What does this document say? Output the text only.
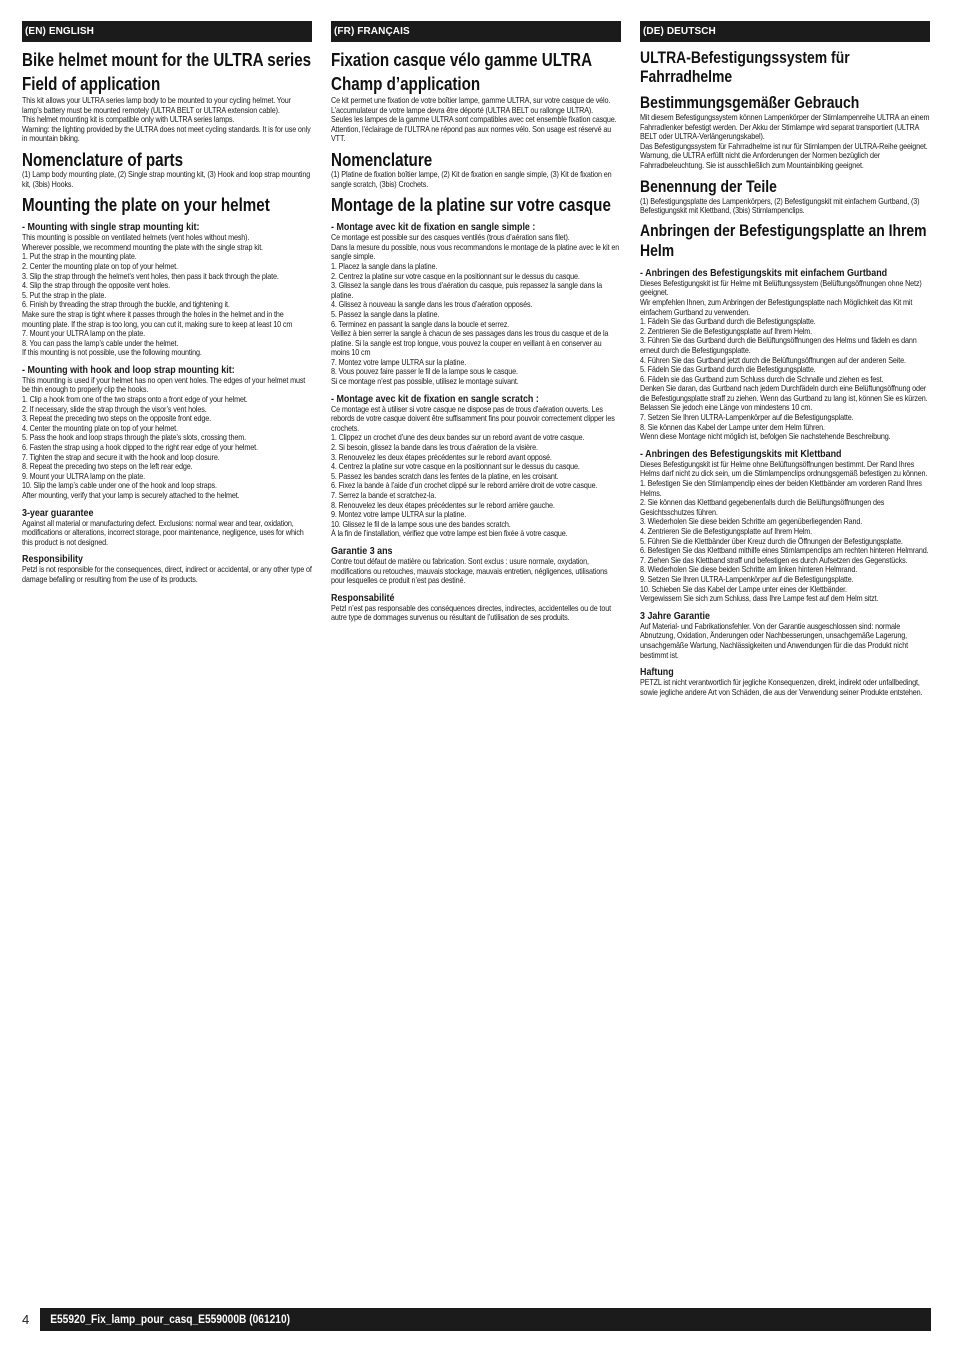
(EN) ENGLISH
Bike helmet mount for the ULTRA series
Field of application

This kit allows your ULTRA series lamp body to be mounted to your cycling helmet. Your lamp’s battery must be mounted remotely (ULTRA BELT or ULTRA extension cable).
This helmet mounting kit is compatible only with ULTRA series lamps.
Warning: the lighting provided by the ULTRA does not meet cycling standards. It is for use only in mountain biking.

Nomenclature of parts

(1) Lamp body mounting plate, (2) Single strap mounting kit, (3) Hook and loop strap mounting kit, (3bis) Hooks.

Mounting the plate on your helmet
- Mounting with single strap mounting kit:

This mounting is possible on ventilated helmets (vent holes without mesh).
Wherever possible, we recommend mounting the plate with the single strap kit.
1. Put the strap in the mounting plate.
2. Center the mounting plate on top of your helmet.
3. Slip the strap through the helmet’s vent holes, then pass it back through the plate.
4. Slip the strap through the opposite vent holes.
5. Put the strap in the plate.
6. Finish by threading the strap through the buckle, and tightening it.
Make sure the strap is tight where it passes through the holes in the helmet and in the mounting plate. If the strap is too long, you can cut it, making sure to keep at least 10 cm
7. Mount your ULTRA lamp on the plate.
8. You can pass the lamp’s cable under the helmet.
If this mounting is not possible, use the following mounting.

- Mounting with hook and loop strap mounting kit:

This mounting is used if your helmet has no open vent holes. The edges of your helmet must be thin enough to properly clip the hooks.
1. Clip a hook from one of the two straps onto a front edge of your helmet.
2. If necessary, slide the strap through the visor’s vent holes.
3. Repeat the preceding two steps on the opposite front edge.
4. Center the mounting plate on top of your helmet.
5. Pass the hook and loop straps through the plate’s slots, crossing them.
6. Fasten the strap using a hook clipped to the right rear edge of your helmet.
7. Tighten the strap and secure it with the hook and loop closure.
8. Repeat the preceding two steps on the left rear edge.
9. Mount your ULTRA lamp on the plate.
10. Slip the lamp’s cable under one of the hook and loop straps.
After mounting, verify that your lamp is securely attached to the helmet.

3-year guarantee

Against all material or manufacturing defect. Exclusions: normal wear and tear, oxidation, modifications or alterations, incorrect storage, poor maintenance, negligence, uses for which this product is not designed.

Responsibility

Petzl is not responsible for the consequences, direct, indirect or accidental, or any other type of damage befalling or resulting from the use of its products.

(FR) FRANÇAIS
Fixation casque vélo gamme ULTRA
Champ d’application

Ce kit permet une fixation de votre boîtier lampe, gamme ULTRA, sur votre casque de vélo. L’accumulateur de votre lampe devra être déporté (ULTRA BELT ou rallonge ULTRA).
Seules les lampes de la gamme ULTRA sont compatibles avec cet ensemble fixation casque.
Attention, l’éclairage de l’ULTRA ne répond pas aux normes vélo. Son usage est réservé au VTT.

Nomenclature

(1) Platine de fixation boîtier lampe, (2) Kit de fixation en sangle simple, (3) Kit de fixation en sangle scratch, (3bis) Crochets.

Montage de la platine sur votre casque
- Montage avec kit de fixation en sangle simple :

Ce montage est possible sur des casques ventilés (trous d’aération sans filet).
Dans la mesure du possible, nous vous recommandons le montage de la platine avec le kit en sangle simple.
1. Placez la sangle dans la platine.
2. Centrez la platine sur votre casque en la positionnant sur le dessus du casque.
3. Glissez la sangle dans les trous d’aération du casque, puis repassez la sangle dans la platine.
4. Glissez à nouveau la sangle dans les trous d’aération opposés.
5. Passez la sangle dans la platine.
6. Terminez en passant la sangle dans la boucle et serrez.
Veillez à bien serrer la sangle à chacun de ses passages dans les trous du casque et de la platine. Si la sangle est trop longue, vous pouvez la couper en veillant à en conserver au moins 10 cm
7. Montez votre lampe ULTRA sur la platine.
8. Vous pouvez faire passer le fil de la lampe sous le casque.
Si ce montage n’est pas possible, utilisez le montage suivant.

- Montage avec kit de fixation en sangle scratch :

Ce montage est à utiliser si votre casque ne dispose pas de trous d’aération ouverts. Les rebords de votre casque doivent être suffisamment fins pour pouvoir correctement clipper les crochets.
1. Clippez un crochet d’une des deux bandes sur un rebord avant de votre casque.
2. Si besoin, glissez la bande dans les trous d’aération de la visière.
3. Renouvelez les deux étapes précédentes sur le rebord avant opposé.
4. Centrez la platine sur votre casque en la positionnant sur le dessus du casque.
5. Passez les bandes scratch dans les fentes de la platine, en les croisant.
6. Fixez la bande à l’aide d’un crochet clippé sur le rebord arrière droit de votre casque.
7. Serrez la bande et scratchez-la.
8. Renouvelez les deux étapes précédentes sur le rebord arrière gauche.
9. Montez votre lampe ULTRA sur la platine.
10. Glissez le fil de la lampe sous une des bandes scratch.
À la fin de l’installation, vérifiez que votre lampe est bien fixée à votre casque.

Garantie 3 ans

Contre tout défaut de matière ou fabrication. Sont exclus : usure normale, oxydation, modifications ou retouches, mauvais stockage, mauvais entretien, négligences, utilisations pour lesquelles ce produit n’est pas destiné.

Responsabilité

Petzl n’est pas responsable des conséquences directes, indirectes, accidentelles ou de tout autre type de dommages survenus ou résultant de l’utilisation de ses produits.

(DE) DEUTSCH
ULTRA-Befestigungssystem für Fahrradhelme
Bestimmungsgemäßer Gebrauch

Mit diesem Befestigungssystem können Lampenkörper der Stirnlampenreihe ULTRA an einem Fahrradlenker befestigt werden. Der Akku der Stirnlampe wird separat transportiert (ULTRA BELT oder ULTRA-Verlängerungskabel).
Das Befestigungssystem für Fahrradhelme ist nur für Stirnlampen der ULTRA-Reihe geeignet.
Warnung, die ULTRA erfüllt nicht die Anforderungen der Normen bezüglich der Fahrradbeleuchtung. Sie ist ausschließlich zum Mountainbiking geeignet.

Benennung der Teile

(1) Befestigungsplatte des Lampenkörpers, (2) Befestigungskit mit einfachem Gurtband, (3) Befestigungskit mit Klettband, (3bis) Stirnlampenclips.

Anbringen der Befestigungsplatte an Ihrem Helm
- Anbringen des Befestigungskits mit einfachem Gurtband

Dieses Befestigungskit ist für Helme mit Belüftungssystem (Belüftungsöffnungen ohne Netz) geeignet.
Wir empfehlen Ihnen, zum Anbringen der Befestigungsplatte nach Möglichkeit das Kit mit einfachem Gurtband zu verwenden.
1. Fädeln Sie das Gurtband durch die Befestigungsplatte.
2. Zentrieren Sie die Befestigungsplatte auf Ihrem Helm.
3. Führen Sie das Gurtband durch die Belüftungsöffnungen des Helms und fädeln es dann erneut durch die Befestigungsplatte.
4. Führen Sie das Gurtband jetzt durch die Belüftungsöffnungen auf der anderen Seite.
5. Fädeln Sie das Gurtband durch die Befestigungsplatte.
6. Fädeln sie das Gurtband zum Schluss durch die Schnalle und ziehen es fest.
Denken Sie daran, das Gurtband nach jedem Durchfädeln durch eine Belüftungsöffnung oder die Befestigungsplatte straff zu ziehen. Wenn das Gurtband zu lang ist, können Sie es kürzen. Belassen Sie jedoch eine Länge von mindestens 10 cm.
7. Setzen Sie Ihren ULTRA-Lampenkörper auf die Befestigungsplatte.
8. Sie können das Kabel der Lampe unter dem Helm führen.
Wenn diese Montage nicht möglich ist, befolgen Sie nachstehende Beschreibung.

- Anbringen des Befestigungskits mit Klettband

Dieses Befestigungskit ist für Helme ohne Belüftungsöffnungen bestimmt. Der Rand Ihres Helms darf nicht zu dick sein, um die Stirnlampenclips ordnungsgemäß befestigen zu können.
1. Befestigen Sie den Stirnlampenclip eines der beiden Klettbänder am vorderen Rand Ihres Helms.
2. Sie können das Klettband gegebenenfalls durch die Belüftungsöffnungen des Gesichtsschutzes führen.
3. Wiederholen Sie diese beiden Schritte am gegenüberliegenden Rand.
4. Zentrieren Sie die Befestigungsplatte auf Ihrem Helm.
5. Führen Sie die Klettbänder über Kreuz durch die Öffnungen der Befestigungsplatte.
6. Befestigen Sie das Klettband mithilfe eines Stirnlampenclips am rechten hinteren Helmrand.
7. Ziehen Sie das Klettband straff und befestigen es durch Aufsetzen des Gegenstücks.
8. Wiederholen Sie diese beiden Schritte am linken hinteren Helmrand.
9. Setzen Sie Ihren ULTRA-Lampenkörper auf die Befestigungsplatte.
10. Schieben Sie das Kabel der Lampe unter eines der Klettbänder.
Vergewissern Sie sich zum Schluss, dass Ihre Lampe fest auf dem Helm sitzt.

3 Jahre Garantie

Auf Material- und Fabrikationsfehler. Von der Garantie ausgeschlossen sind: normale Abnutzung, Oxidation, Änderungen oder Nachbesserungen, unsachgemäße Lagerung, unsachgemäße Wartung, Nachlässigkeiten und Anwendungen für die das Produkt nicht bestimmt ist.

Haftung

PETZL ist nicht verantwortlich für jegliche Konsequenzen, direkt, indirekt oder unfallbedingt, sowie jegliche andere Art von Schäden, die aus der Verwendung seiner Produkte entstehen.

4	E55920_Fix_lamp_pour_casq_E559000B (061210)
